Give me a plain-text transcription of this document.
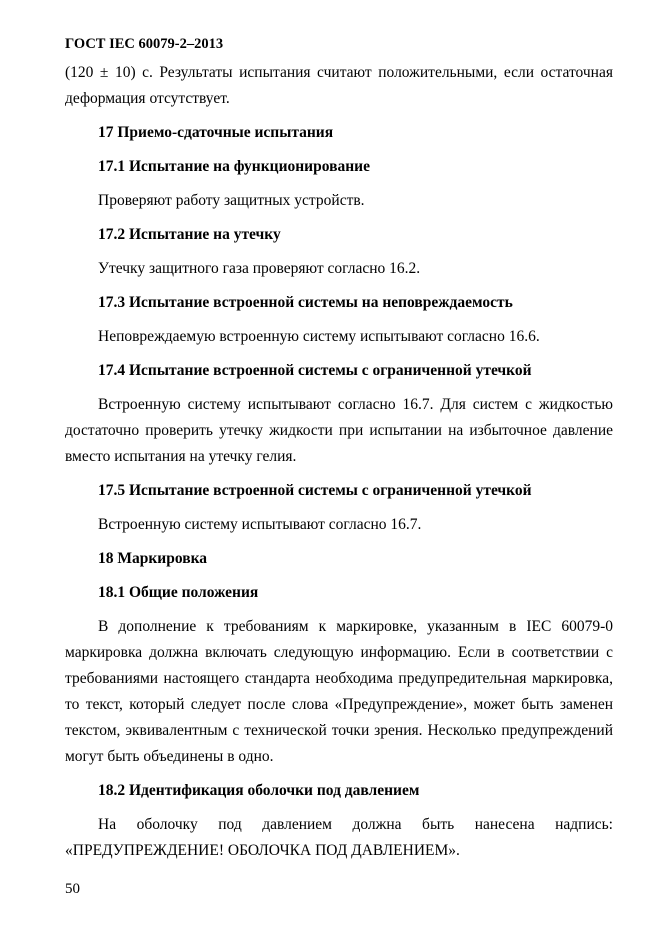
ГОСТ IEC 60079-2–2013

(120 ± 10) с. Результаты испытания считают положительными, если остаточная деформация отсутствует.

17 Приемо-сдаточные испытания

17.1 Испытание на функционирование

Проверяют работу защитных устройств.

17.2 Испытание на утечку

Утечку защитного газа проверяют согласно 16.2.

17.3 Испытание встроенной системы на неповреждаемость

Неповреждаемую встроенную систему испытывают согласно 16.6.

17.4 Испытание встроенной системы с ограниченной утечкой

Встроенную систему испытывают согласно 16.7. Для систем с жидкостью достаточно проверить утечку жидкости при испытании на избыточное давление вместо испытания на утечку гелия.

17.5 Испытание встроенной системы с ограниченной утечкой

Встроенную систему испытывают согласно 16.7.

18 Маркировка

18.1 Общие положения

В дополнение к требованиям к маркировке, указанным в IEC 60079-0 маркировка должна включать следующую информацию. Если в соответствии с требованиями настоящего стандарта необходима предупредительная маркировка, то текст, который следует после слова «Предупреждение», может быть заменен текстом, эквивалентным с технической точки зрения. Несколько предупреждений могут быть объединены в одно.

18.2 Идентификация оболочки под давлением

На оболочку под давлением должна быть нанесена надпись: «ПРЕДУПРЕЖДЕНИЕ! ОБОЛОЧКА ПОД ДАВЛЕНИЕМ».

50
